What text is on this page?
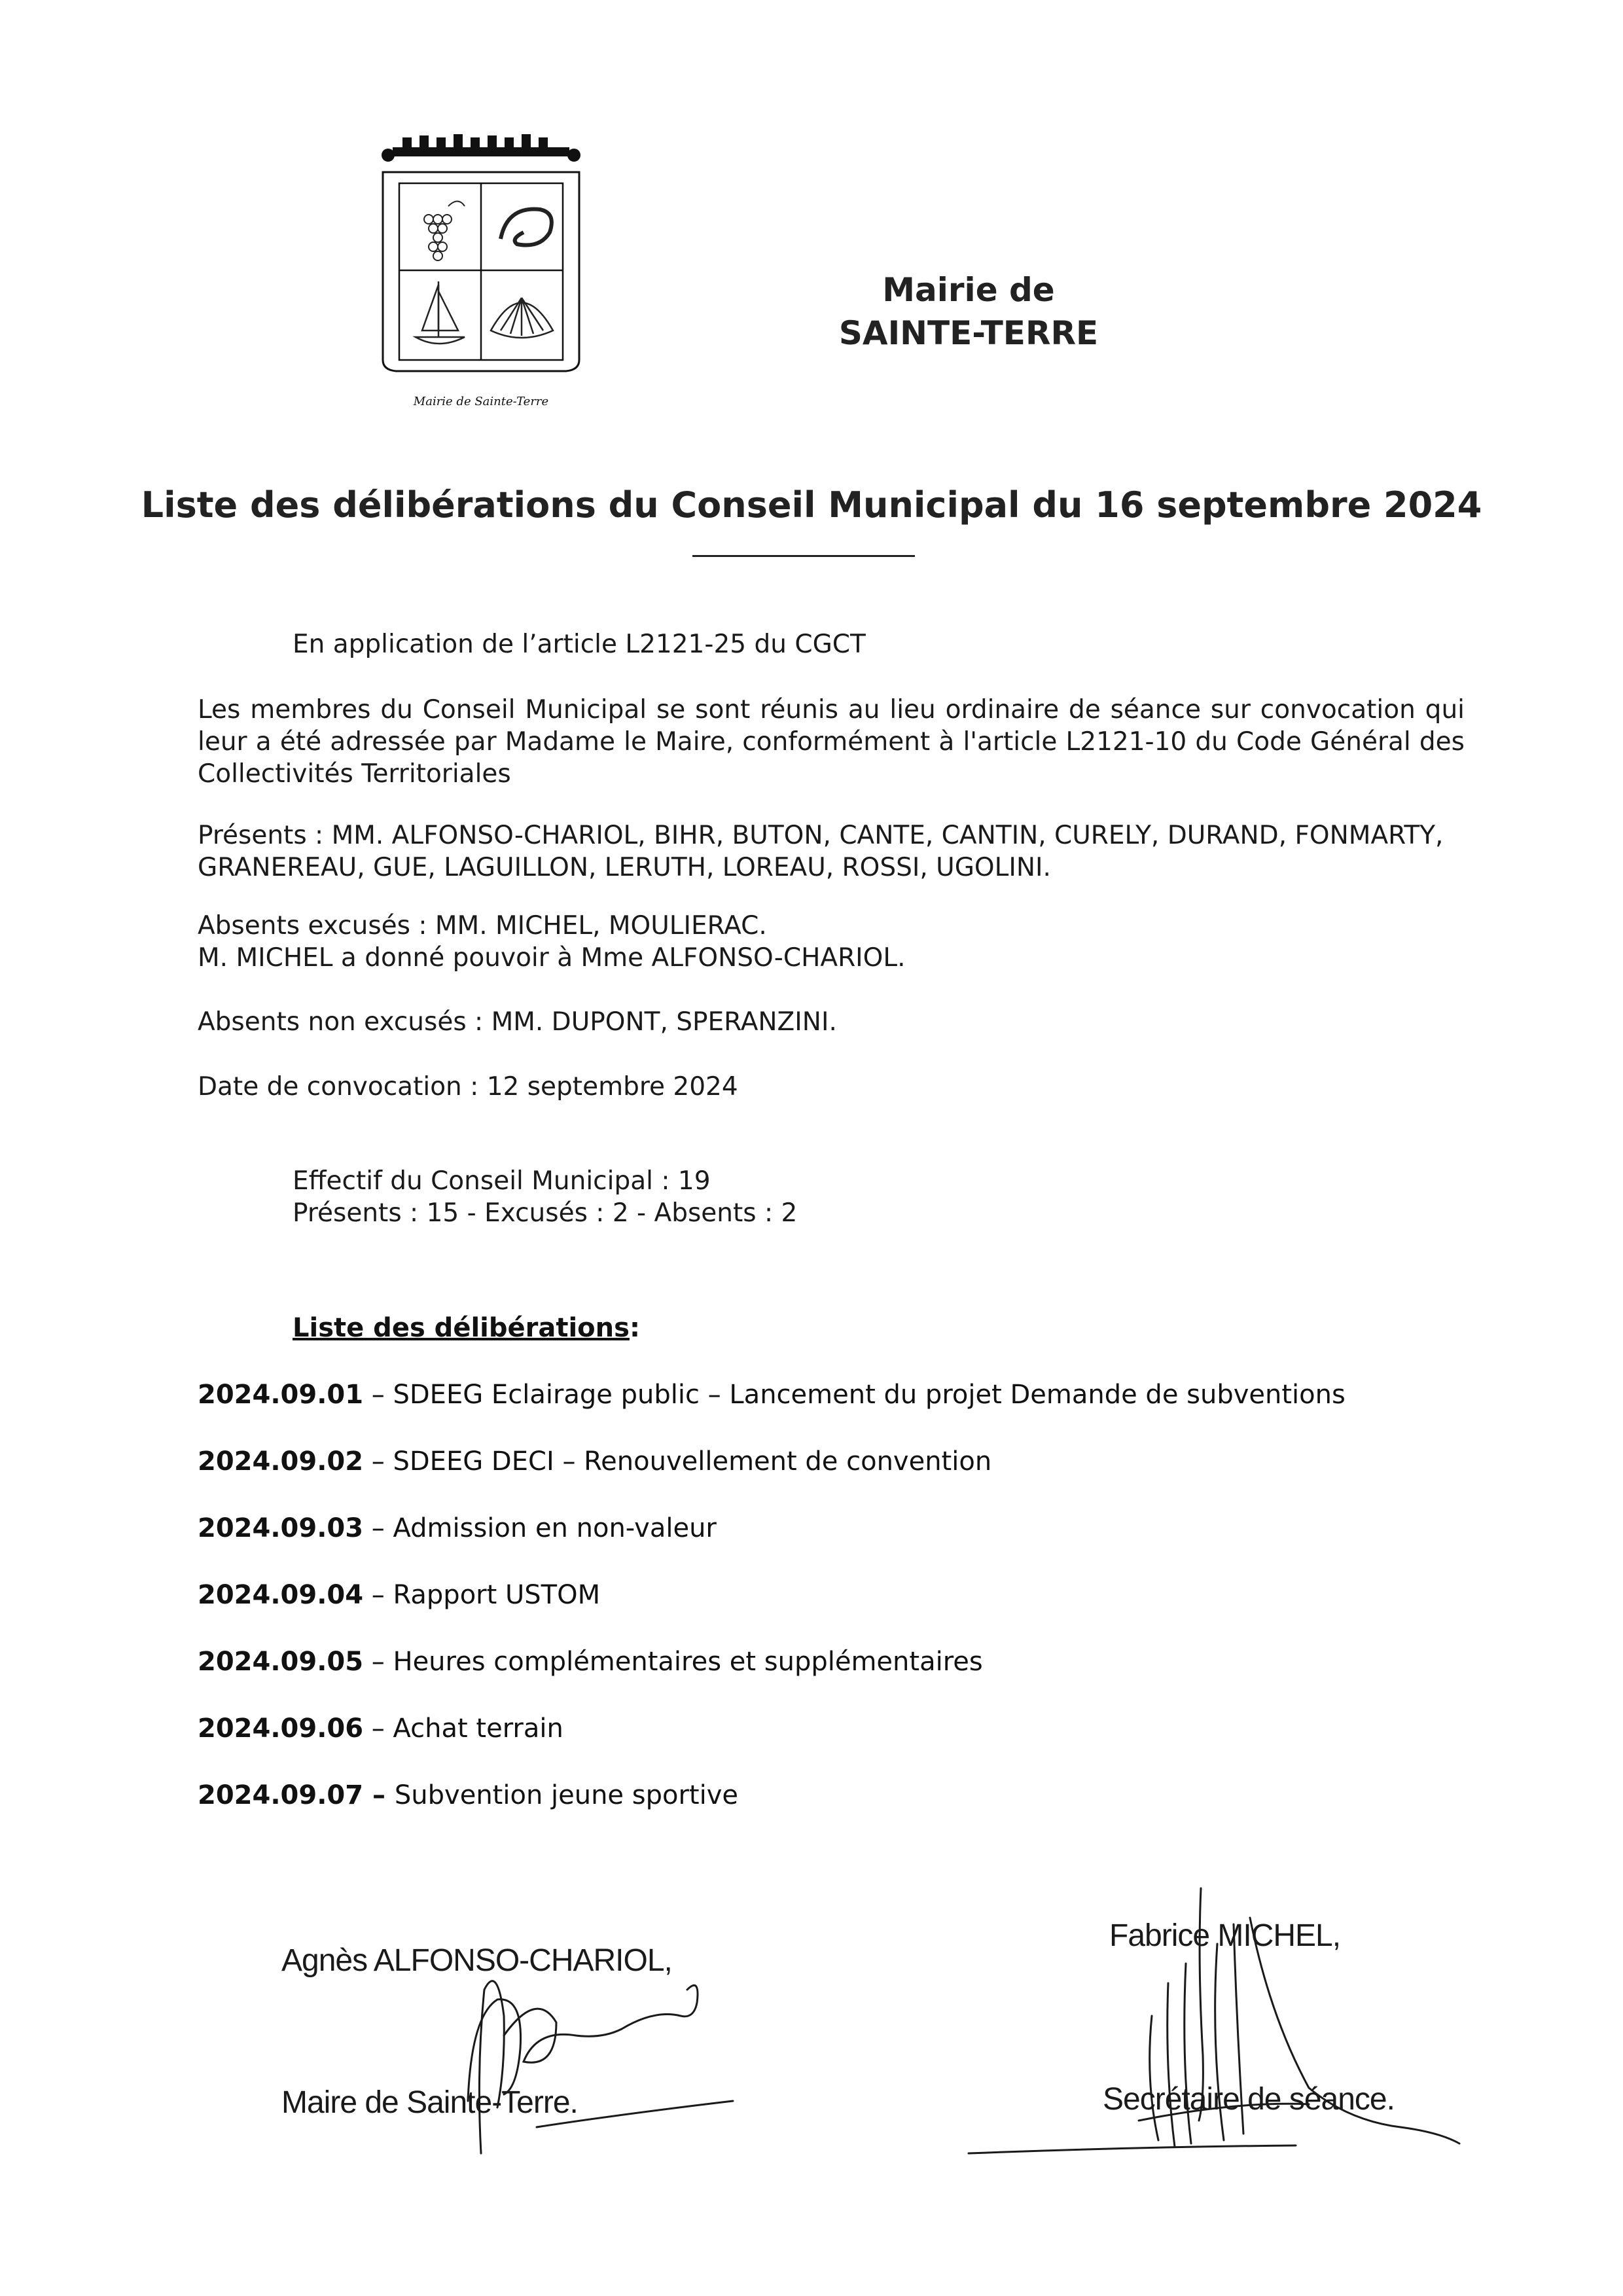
Mairie de Sainte-Terre
Mairie de
SAINTE-TERRE
Liste des délibérations du Conseil Municipal du 16 septembre 2024
En application de l’article L2121-25 du CGCT
Les membres du Conseil Municipal se sont réunis au lieu ordinaire de séance sur convocation qui leur a été adressée par Madame le Maire, conformément à l'article L2121-10 du Code Général des Collectivités Territoriales
Présents : MM. ALFONSO-CHARIOL, BIHR, BUTON, CANTE, CANTIN, CURELY, DURAND, FONMARTY, GRANEREAU, GUE, LAGUILLON, LERUTH, LOREAU, ROSSI, UGOLINI.
Absents excusés : MM. MICHEL, MOULIERAC.
M. MICHEL a donné pouvoir à Mme ALFONSO-CHARIOL.
Absents non excusés : MM. DUPONT, SPERANZINI.
Date de convocation : 12 septembre 2024
Effectif du Conseil Municipal : 19
Présents : 15 - Excusés : 2 - Absents : 2
Liste des délibérations:
2024.09.01 – SDEEG Eclairage public – Lancement du projet Demande de subventions
2024.09.02 – SDEEG DECI – Renouvellement de convention
2024.09.03 – Admission en non-valeur
2024.09.04 – Rapport USTOM
2024.09.05 – Heures complémentaires et supplémentaires
2024.09.06 – Achat terrain
2024.09.07 – Subvention jeune sportive
Agnès ALFONSO-CHARIOL,
Maire de Sainte-Terre.
Fabrice MICHEL,
Secrétaire de séance.
